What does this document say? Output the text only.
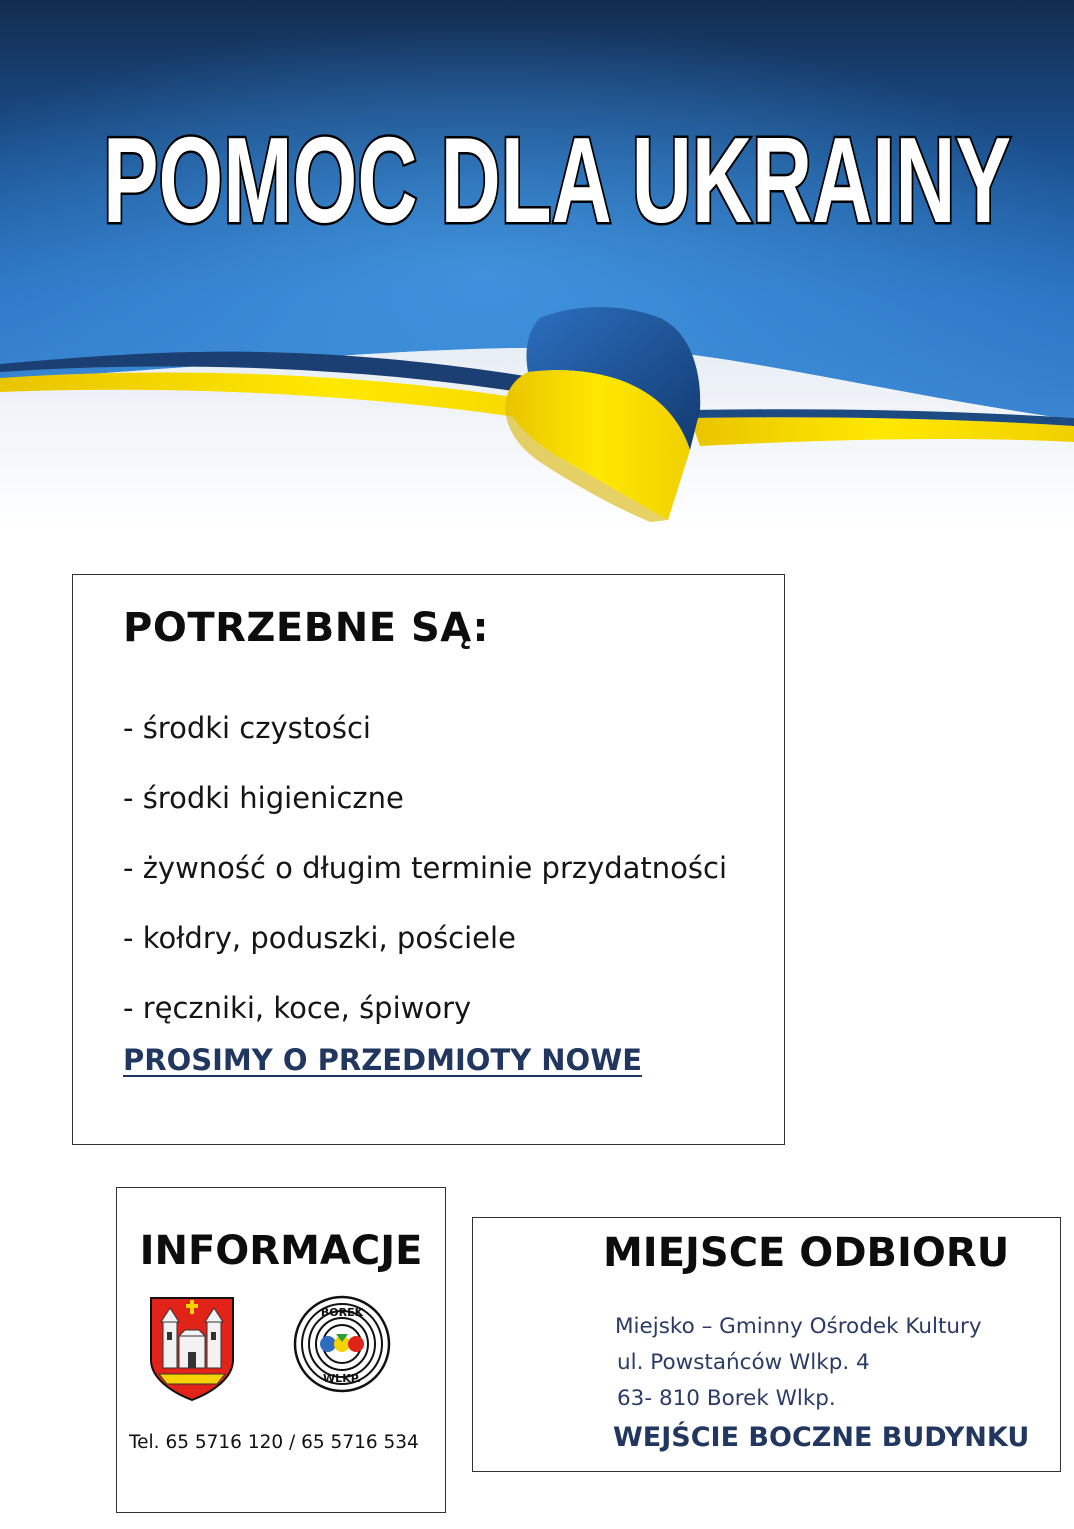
POMOC DLA UKRAINY
POTRZEBNE SĄ:
- środki czystości
- środki higieniczne
- żywność o długim terminie przydatności
- kołdry, poduszki, pościele
- ręczniki, koce, śpiwory
PROSIMY O PRZEDMIOTY NOWE
INFORMACJE
BOREK
WLKP.
Tel. 65 5716 120 / 65 5716 534
MIEJSCE ODBIORU
Miejsko – Gminny Ośrodek Kultury
ul. Powstańców Wlkp. 4
63- 810 Borek Wlkp.
WEJŚCIE BOCZNE BUDYNKU
